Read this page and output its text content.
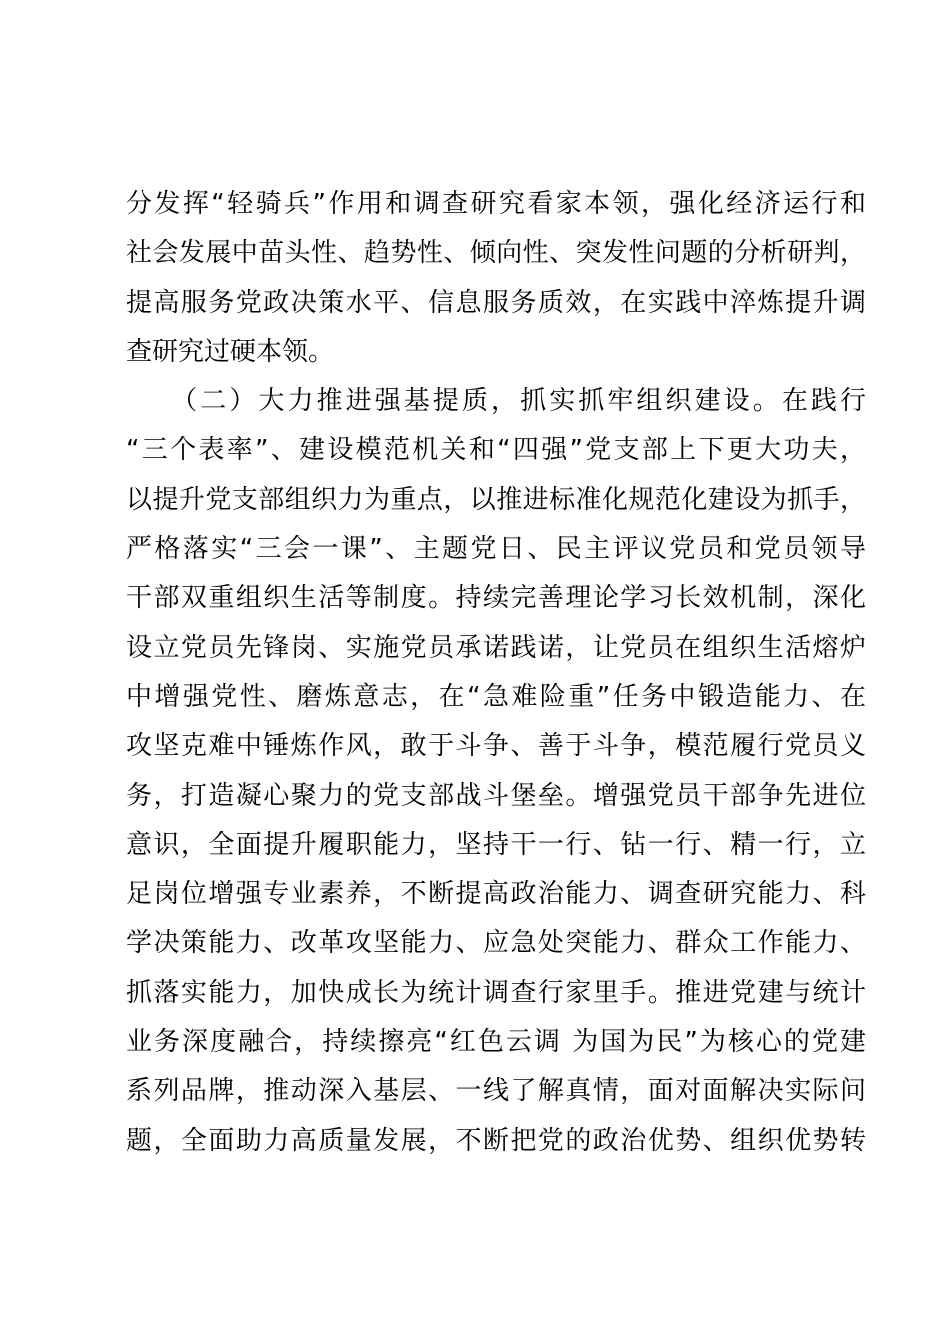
分发挥“轻骑兵”作用和调查研究看家本领，强化经济运行和
社会发展中苗头性、趋势性、倾向性、突发性问题的分析研判，
提高服务党政决策水平、信息服务质效，在实践中淬炼提升调
查研究过硬本领。
　　（二）大力推进强基提质，抓实抓牢组织建设。在践行
“三个表率”、建设模范机关和“四强”党支部上下更大功夫，
以提升党支部组织力为重点，以推进标准化规范化建设为抓手，
严格落实“三会一课”、主题党日、民主评议党员和党员领导
干部双重组织生活等制度。持续完善理论学习长效机制，深化
设立党员先锋岗、实施党员承诺践诺，让党员在组织生活熔炉
中增强党性、磨炼意志，在“急难险重”任务中锻造能力、在
攻坚克难中锤炼作风，敢于斗争、善于斗争，模范履行党员义
务，打造凝心聚力的党支部战斗堡垒。增强党员干部争先进位
意识，全面提升履职能力，坚持干一行、钻一行、精一行，立
足岗位增强专业素养，不断提高政治能力、调查研究能力、科
学决策能力、改革攻坚能力、应急处突能力、群众工作能力、
抓落实能力，加快成长为统计调查行家里手。推进党建与统计
业务深度融合，持续擦亮“红色云调 为国为民”为核心的党建
系列品牌，推动深入基层、一线了解真情，面对面解决实际问
题，全面助力高质量发展，不断把党的政治优势、组织优势转
